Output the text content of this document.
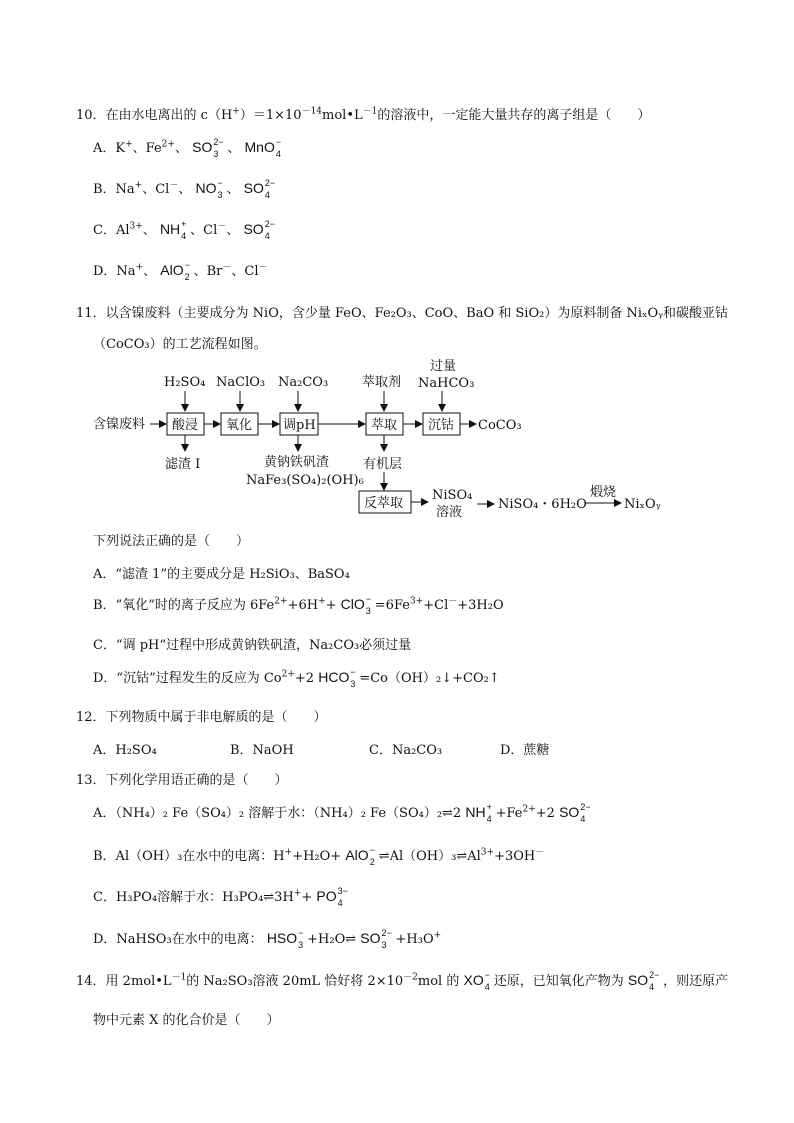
10．在由水电离出的 $c(H^+)=1\times 10^{-14}mol•L^{-1}$的溶液中，一定能大量共存的离子组是（　　）
A．K+、$Fe^{2+}$、 SO 2−
3 、 MnO −
4
B．Na+、Cl－、 NO −
3 、 SO 2−
4
C．$Al^{3+}$、 NH +
4 、Cl－、 SO 2−
4
D．Na+、 AlO −
2 、Br－、Cl－
11．以含镍废料（主要成分为 NiO，含少量 FeO、Fe₂O₃、CoO、BaO 和 SiO₂）为原料制备 NiₓOᵧ和碳酸亚钴
（CoCO₃）的工艺流程如图。
H₂SO₄ NaClO₃ Na₂CO₃	萃取剂
过量
NaHCO₃
含镍废料 酸浸 氧化 调pH	萃取 沉钴 CoCO₃
滤渣 I	黄钠铁矾渣
NaFe₃(SO₄)₂(OH)₆
有机层
反萃取
NiSO₄
溶液
NiSO₄・6H₂O
煅烧
NiₓOᵧ
下列说法正确的是（　　）
A．“滤渣 1”的主要成分是 H₂SiO₃、BaSO₄
B．“氧化”时的离子反应为 $6Fe^{2+}+6H^++$ ClO −
$3 =6Fe^{3+}+Cl^-+3H_2O$
C．“调 pH“过程中形成黄钠铁矾渣，Na₂CO₃必须过量
D．“沉钴”过程发生的反应为 $Co^{2+}+2$ HCO −
3 =Co（OH）₂↓+CO₂↑
12．下列物质中属于非电解质的是（　　）
A．H₂SO₄	B．NaOH	C．Na₂CO₃	D．蔗糖
13．下列化学用语正确的是（　　）
A．（NH₄）₂ Fe（SO₄）₂ 溶解于水：（NH₄）₂ Fe（SO₄）₂⇌2 NH +
$4 +Fe^{2+}+2$ SO 2−
4
B．Al（OH）₃在水中的电离：H++H₂O+ AlO −
2 $\rightleftharpoons Al(OH)_3\rightleftharpoons Al^{3+}+3OH^-$
C．H₃PO₄溶解于水：H₃PO₄⇌3H++ PO 3−
4
D．NaHSO₃在水中的电离： HSO −
3 +H₂O⇌ SO 2−
3 +H₃O+
14．用 $2mol•L^{-1}$的 Na₂SO₃溶液 20mL 恰好将 $2\times 10^{-2}mol$ 的 XO −
4 还原，已知氧化产物为 SO 2−
4 ，则还原产
物中元素 X 的化合价是（　　）
